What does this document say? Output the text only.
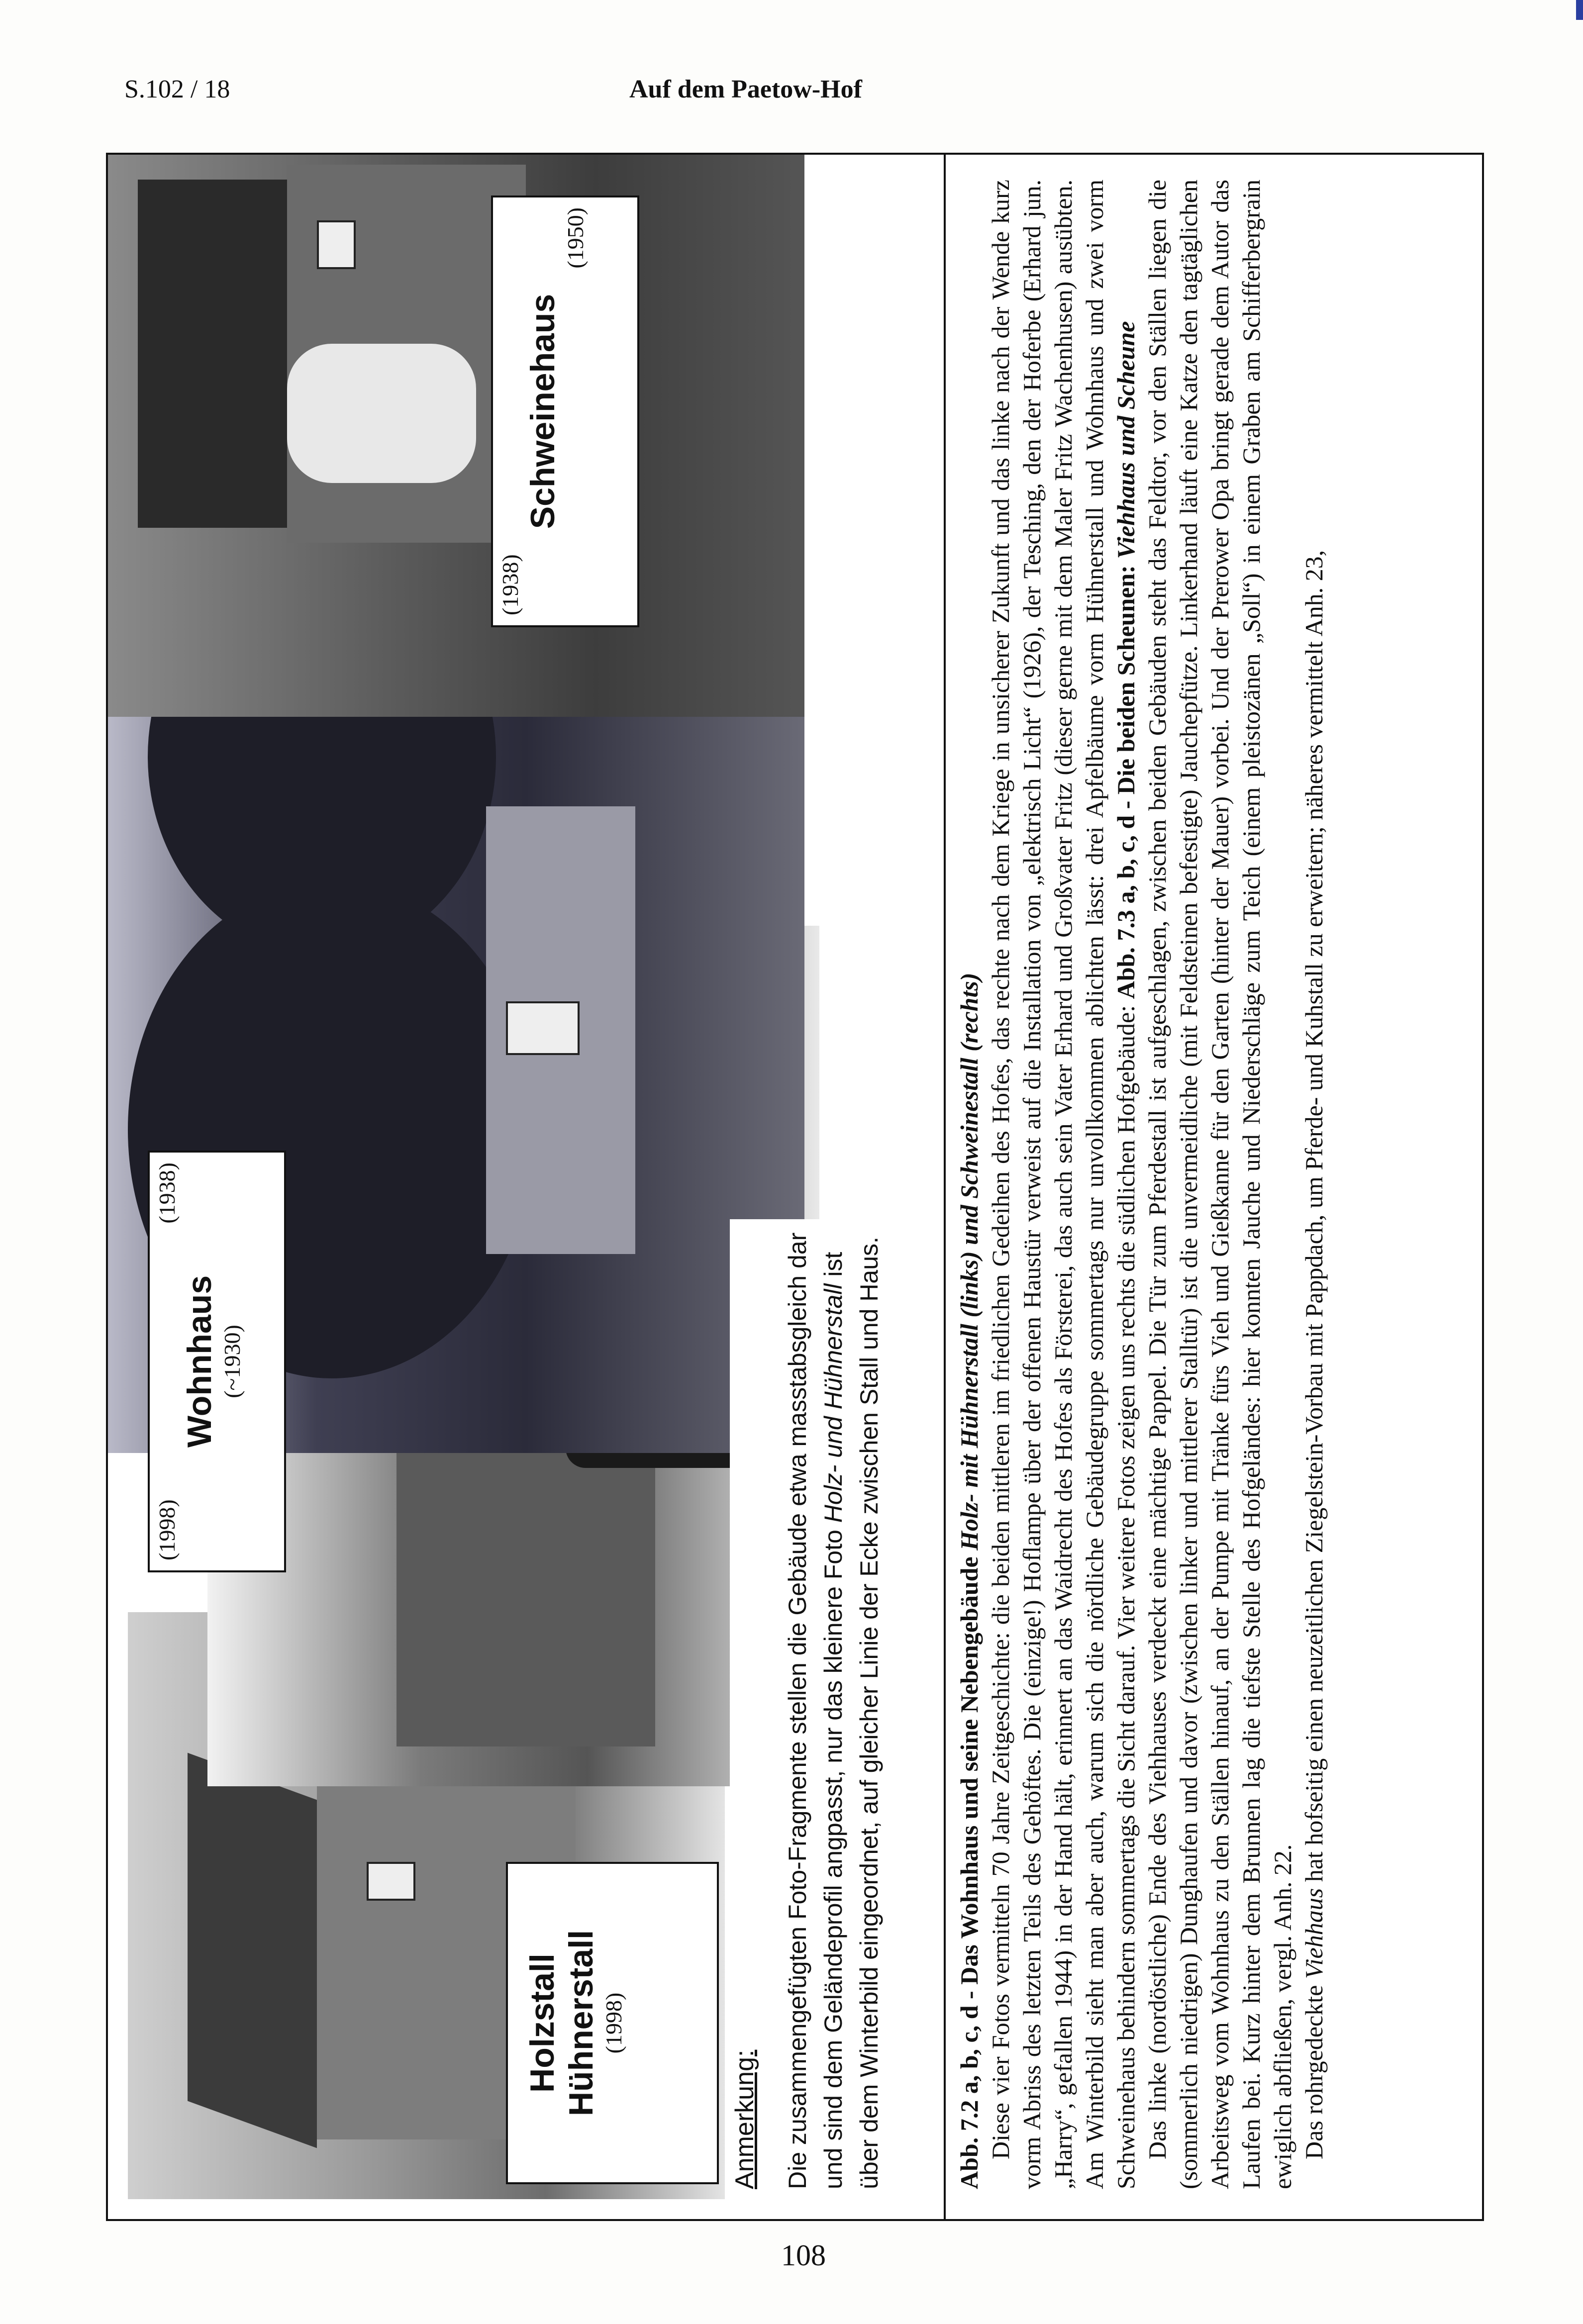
S.102 / 18	Auf dem Paetow-Hof
Holzstall Hühnerstall (1998)
(1998)
(1938)
Wohnhaus (~1930)
(1938)
Schweinehaus
(1950)
Anmerkung: Die zusammengefügten Foto-Fragmente stellen die Gebäude etwa masstabsgleich dar und sind dem Geländeprofil angpasst, nur das kleinere Foto Holz- und Hühnerstall ist über dem Winterbild eingeordnet, auf gleicher Linie der Ecke zwischen Stall und Haus.	Abb. 7.2 a, b, c, d - Das Wohnhaus und seine Nebengebäude Holz- mit Hühnerstall (links) und Schweinestall (rechts) Diese vier Fotos vermitteln 70 Jahre Zeitgeschichte: die beiden mittleren im friedlichen Gedeihen des Hofes, das rechte nach dem Kriege in unsicherer Zukunft und das linke nach der Wende kurz vorm Abriss des letzten Teils des Gehöftes. Die (einzige!) Hoflampe über der offenen Haustür verweist auf die Installation von „elektrisch Licht“ (1926), der Tesching, den der Hoferbe (Erhard jun. „Harry“, gefallen 1944) in der Hand hält, erinnert an das Waidrecht des Hofes als Försterei, das auch sein Vater Erhard und Großvater Fritz (dieser gerne mit dem Maler Fritz Wachenhusen) ausübten. Am Winterbild sieht man aber auch, warum sich die nördliche Gebäudegruppe sommertags nur unvollkommen ablichten lässt: drei Apfelbäume vorm Hühnerstall und Wohnhaus und zwei vorm Schweinehaus behindern sommertags die Sicht darauf. Vier weitere Fotos zeigen uns rechts die südlichen Hofgebäude: Abb. 7.3 a, b, c, d - Die beiden Scheunen: Viehhaus und Scheune Das linke (nordöstliche) Ende des Viehhauses verdeckt eine mächtige Pappel. Die Tür zum Pferdestall ist aufgeschlagen, zwischen beiden Gebäuden steht das Feldtor, vor den Ställen liegen die (sommerlich niedrigen) Dunghaufen und davor (zwischen linker und mittlerer Stalltür) ist die unvermeidliche (mit Feldsteinen befestigte) Jauchepfütze. Linkerhand läuft eine Katze den tagtäglichen Arbeitsweg vom Wohnhaus zu den Ställen hinauf, an der Pumpe mit Tränke fürs Vieh und Gießkanne für den Garten (hinter der Mauer) vorbei. Und der Prerower Opa bringt gerade dem Autor das Laufen bei. Kurz hinter dem Brunnen lag die tiefste Stelle des Hofgeländes: hier konnten Jauche und Niederschläge zum Teich (einem pleistozänen „Soll“) in einem Graben am Schifferbergrain ewiglich abfließen, vergl. Anh. 22. Das rohrgedeckte Viehhaus hat hofseitig einen neuzeitlichen Ziegelstein-Vorbau mit Pappdach, um Pferde- und Kuhstall zu erweitern; näheres vermittelt Anh. 23,

108
